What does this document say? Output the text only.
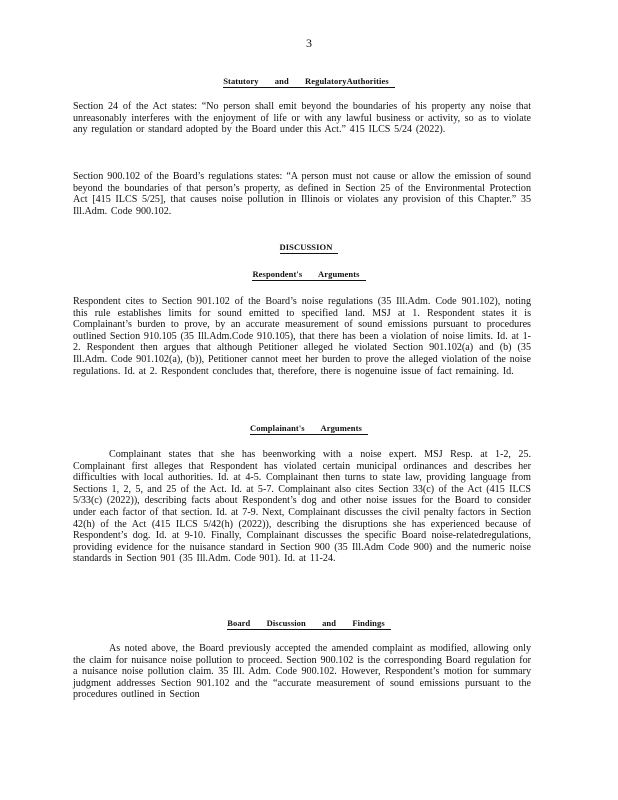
3
Statutory and RegulatoryAuthorities

Section 24 of the Act states: “No person shall emit beyond the boundaries of his property any noise that unreasonably interferes with the enjoyment of life or with any lawful business or activity, so as to violate any regulation or standard adopted by the Board under this Act.” 415 ILCS 5/24 (2022).

Section 900.102 of the Board’s regulations states: “A person must not cause or allow the emission of sound beyond the boundaries of that person’s property, as defined in Section 25 of the Environmental Protection Act [415 ILCS 5/25], that causes noise pollution in Illinois or violates any provision of this Chapter.” 35 Ill.Adm. Code 900.102.

DISCUSSION
Respondent's Arguments

Respondent cites to Section 901.102 of the Board’s noise regulations (35 Ill.Adm. Code 901.102), noting this rule establishes limits for sound emitted to specified land. MSJ at 1. Respondent states it is Complainant’s burden to prove, by an accurate measurement of sound emissions pursuant to procedures outlined Section 910.105 (35 Ill.Adm.Code 910.105), that there has been a violation of noise limits. Id. at 1-2. Respondent then argues that although Petitioner alleged he violated Section 901.102(a) and (b) (35 Ill.Adm. Code 901.102(a), (b)), Petitioner cannot meet her burden to prove the alleged violation of the noise regulations. Id. at 2. Respondent concludes that, therefore, there is nogenuine issue of fact remaining. Id.

Complainant's Arguments

Complainant states that she has beenworking with a noise expert. MSJ Resp. at 1-2, 25. Complainant first alleges that Respondent has violated certain municipal ordinances and describes her difficulties with local authorities. Id. at 4-5. Complainant then turns to state law, providing language from Sections 1, 2, 5, and 25 of the Act. Id. at 5-7. Complainant also cites Section 33(c) of the Act (415 ILCS 5/33(c) (2022)), describing facts about Respondent’s dog and other noise issues for the Board to consider under each factor of that section. Id. at 7-9. Next, Complainant discusses the civil penalty factors in Section 42(h) of the Act (415 ILCS 5/42(h) (2022)), describing the disruptions she has experienced because of Respondent’s dog. Id. at 9-10. Finally, Complainant discusses the specific Board noise-relatedregulations, providing evidence for the nuisance standard in Section 900 (35 Ill.Adm Code 900) and the numeric noise standards in Section 901 (35 Ill.Adm. Code 901). Id. at 11-24.

Board Discussion and Findings

As noted above, the Board previously accepted the amended complaint as modified, allowing only the claim for nuisance noise pollution to proceed. Section 900.102 is the corresponding Board regulation for a nuisance noise pollution claim. 35 Ill. Adm. Code 900.102. However, Respondent’s motion for summary judgment addresses Section 901.102 and the “accurate measurement of sound emissions pursuant to the procedures outlined in Section
